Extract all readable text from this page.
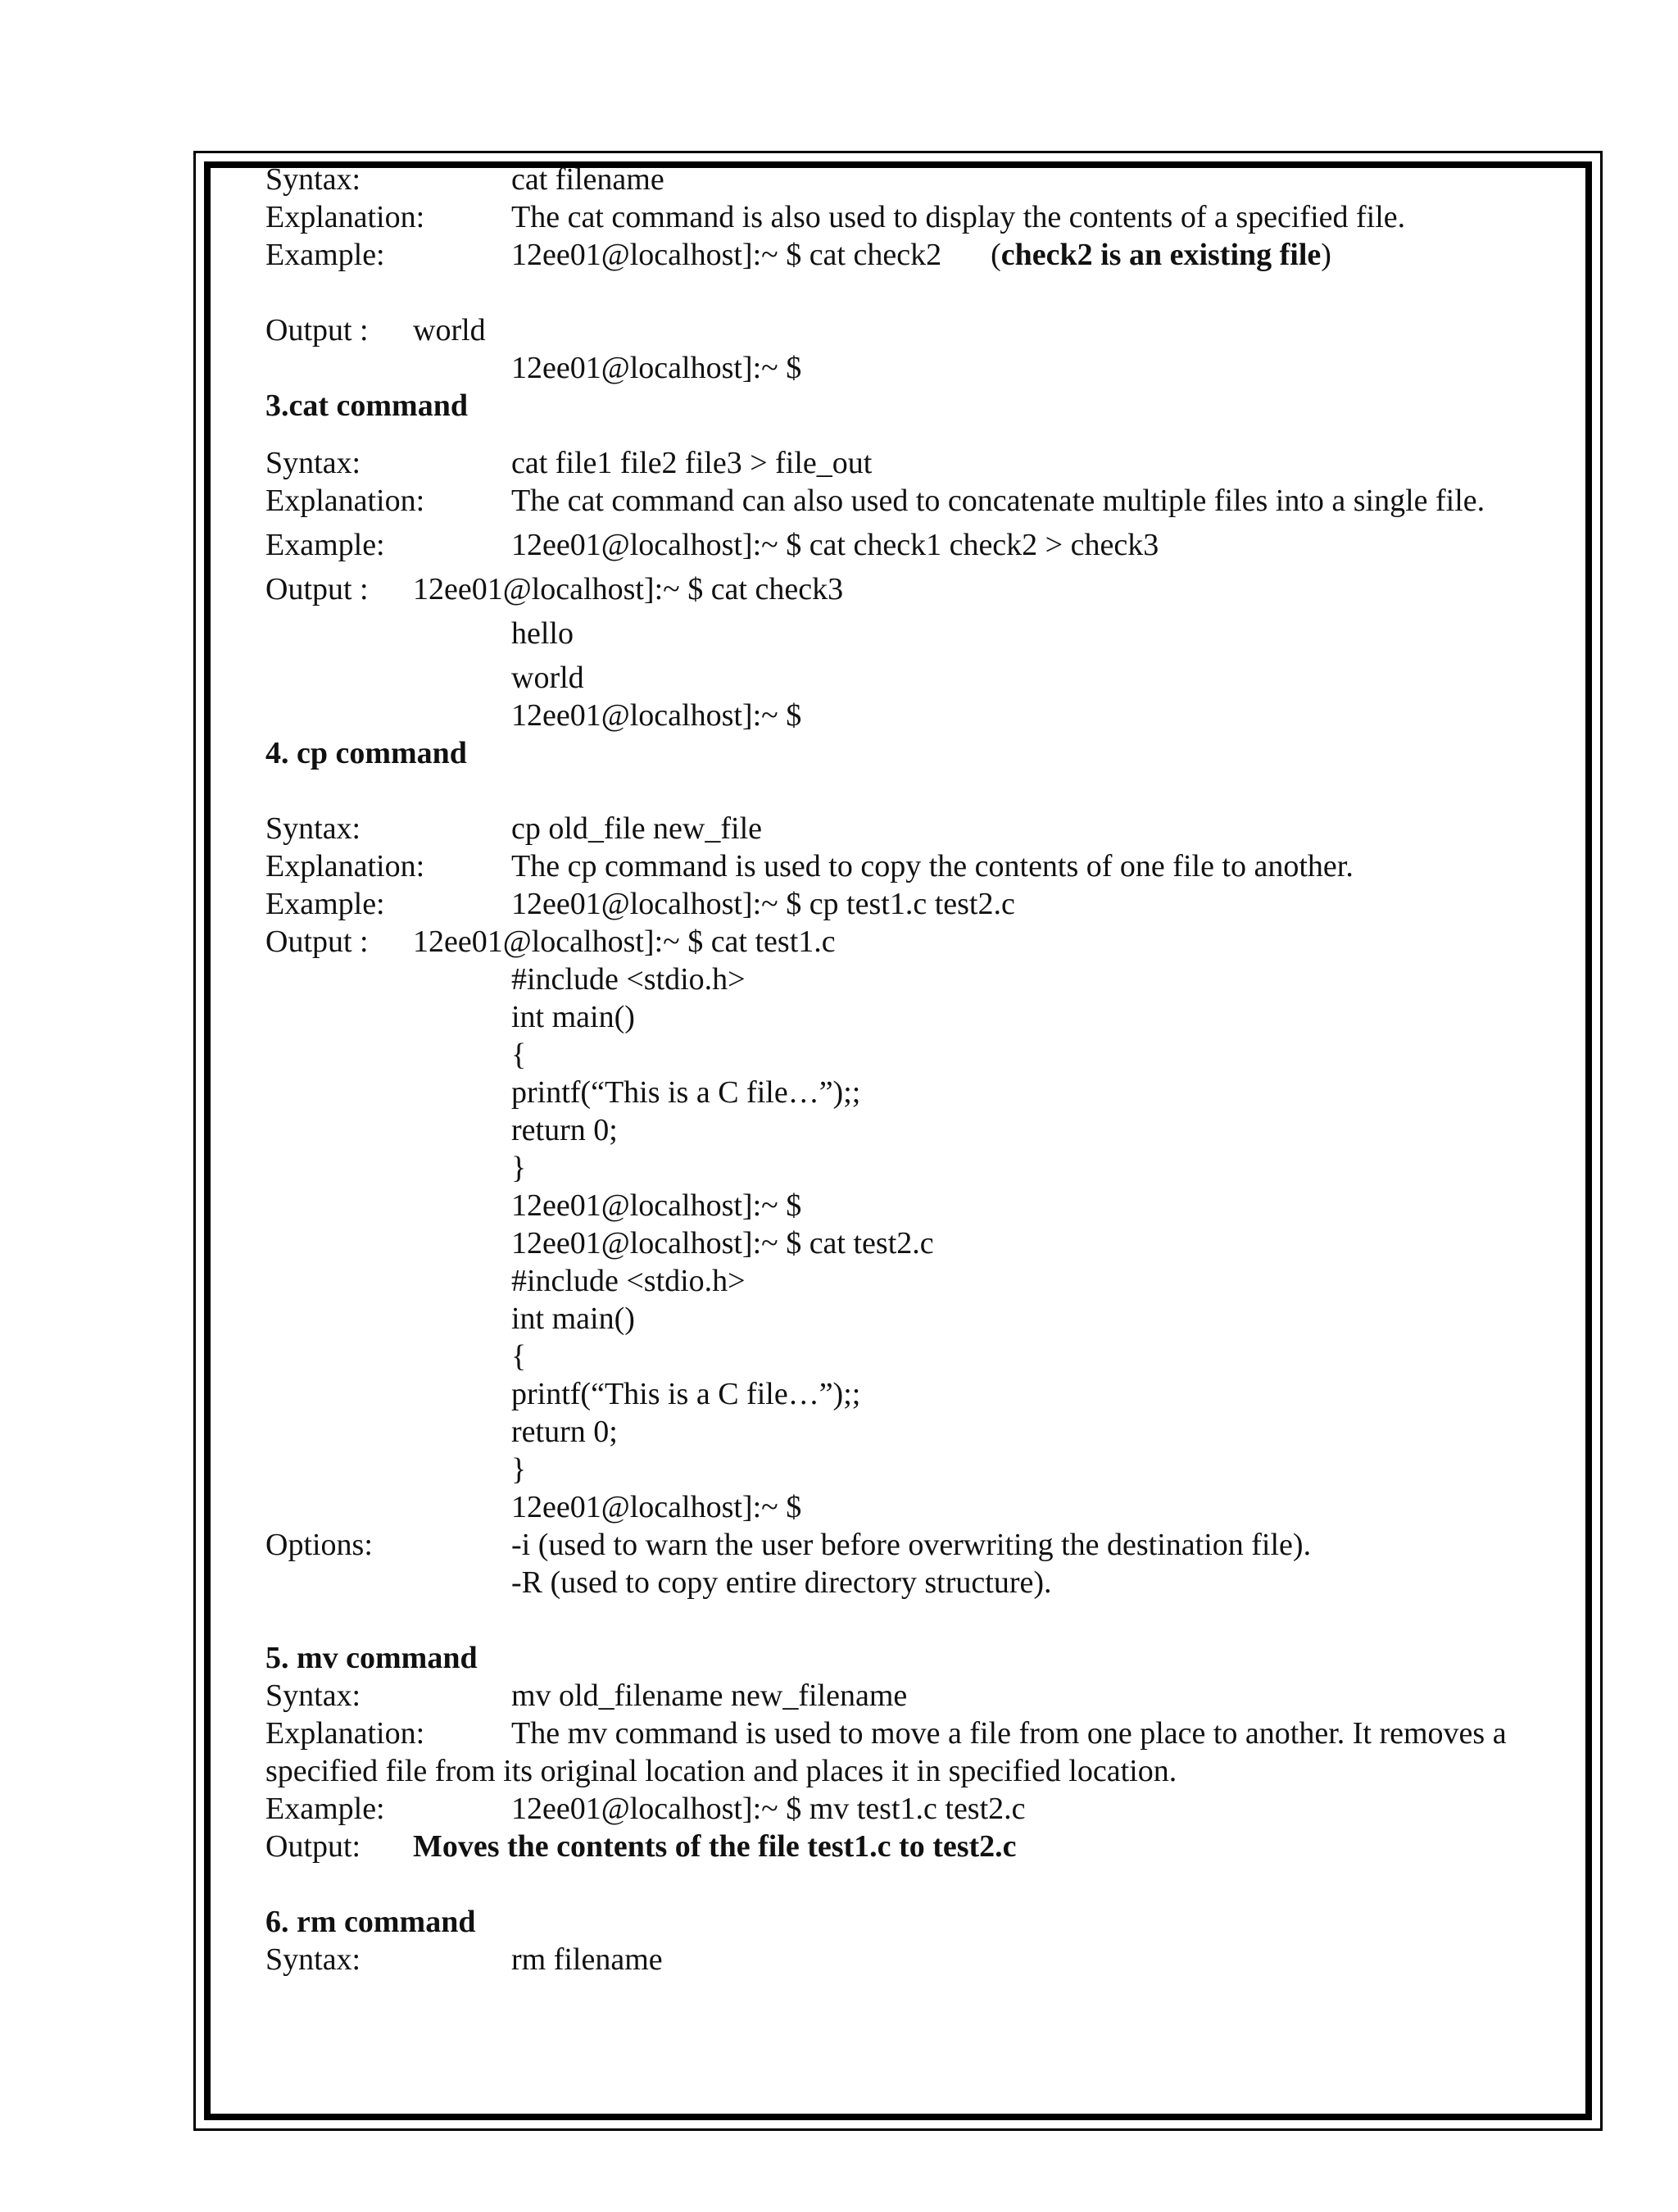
Syntax:	cat filename
Explanation:	The cat command is also used to display the contents of a specified file.
Example:	12ee01@localhost]:~ $ cat check2 (check2 is an existing file)
Output :	world
12ee01@localhost]:~ $
3.cat command
Syntax:	cat file1 file2 file3 > file_out
Explanation:	The cat command can also used to concatenate multiple files into a single file.
Example:	12ee01@localhost]:~ $ cat check1 check2 > check3
Output :	12ee01@localhost]:~ $ cat check3
hello
world
12ee01@localhost]:~ $
4. cp command
Syntax:	cp old_file new_file
Explanation:	The cp command is used to copy the contents of one file to another.
Example:	12ee01@localhost]:~ $ cp test1.c test2.c
Output :	12ee01@localhost]:~ $ cat test1.c
#include <stdio.h>
int main()
{
printf(“This is a C file…”);;
return 0;
}
12ee01@localhost]:~ $
12ee01@localhost]:~ $ cat test2.c
#include <stdio.h>
int main()
{
printf(“This is a C file…”);;
return 0;
}
12ee01@localhost]:~ $
Options:	-i (used to warn the user before overwriting the destination file).
-R (used to copy entire directory structure).
5. mv command
Syntax:	mv old_filename new_filename
Explanation:	The mv command is used to move a file from one place to another. It removes a
specified file from its original location and places it in specified location.
Example:	12ee01@localhost]:~ $ mv test1.c test2.c
Output:	Moves the contents of the file test1.c to test2.c
6. rm command
Syntax:	rm filename
